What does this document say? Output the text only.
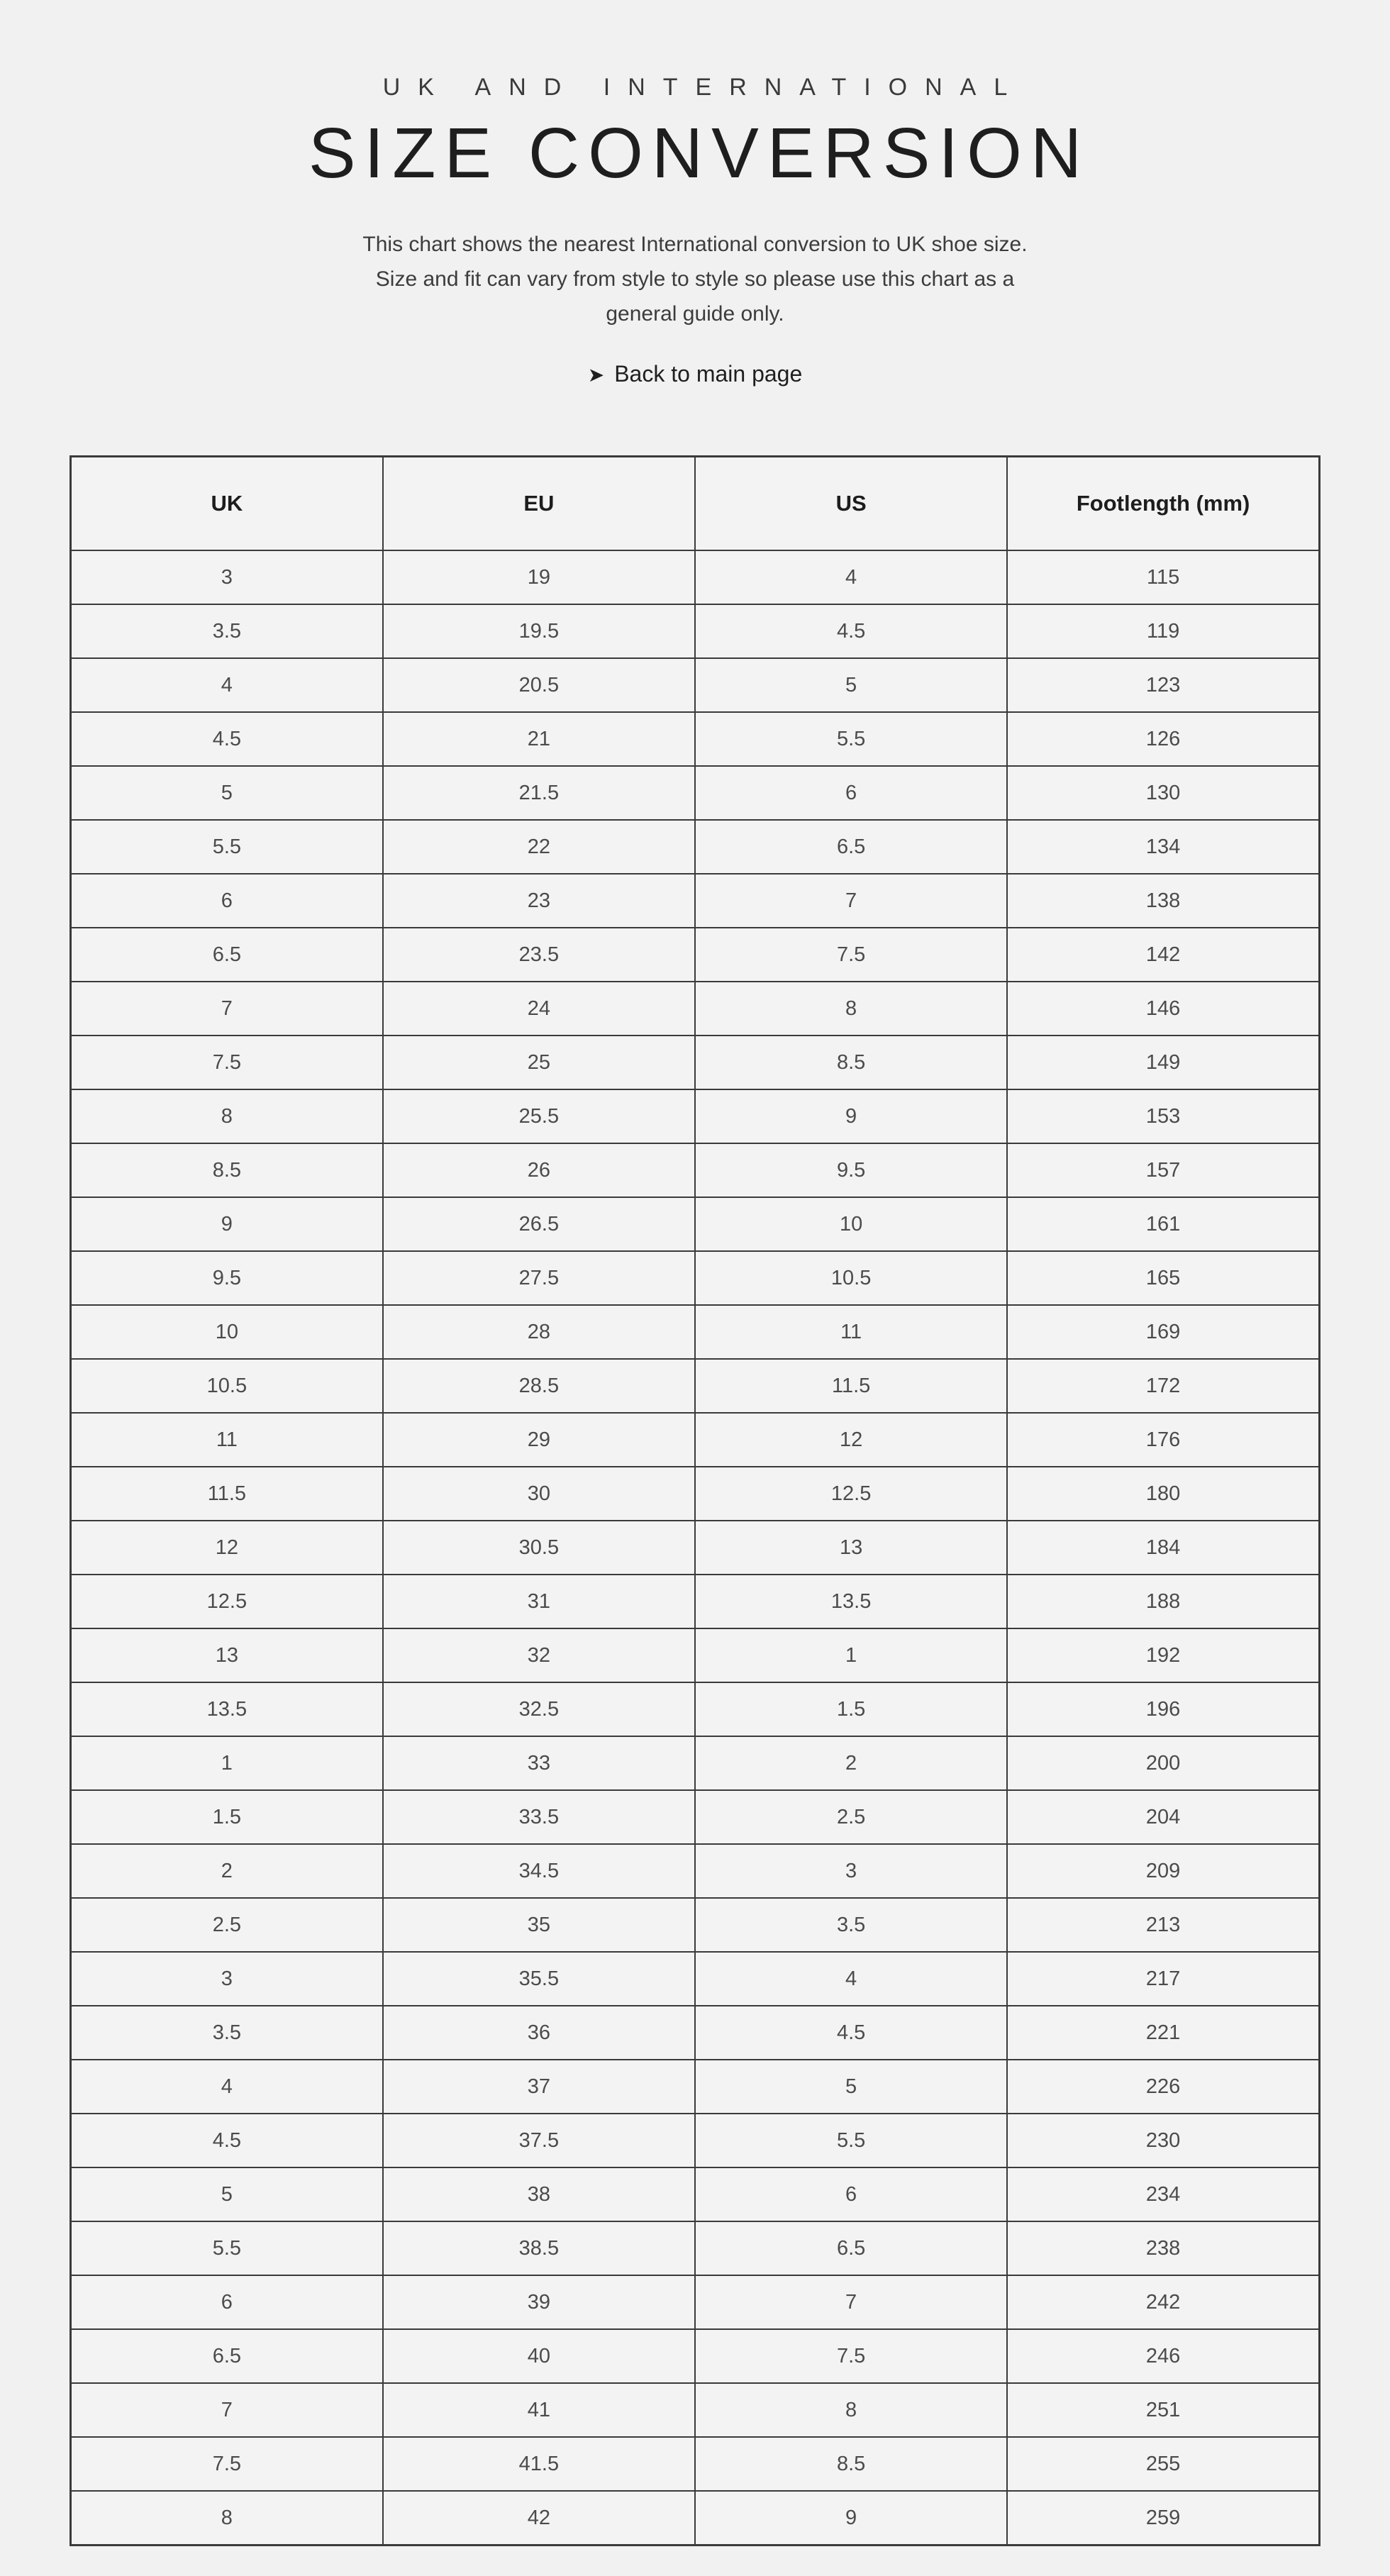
UK AND INTERNATIONAL
SIZE CONVERSION
This chart shows the nearest International conversion to UK shoe size.
Size and fit can vary from style to style so please use this chart as a
general guide only.
➤ Back to main page
UK	EU	US	Footlength (mm)
3	19	4	115
3.5	19.5	4.5	119
4	20.5	5	123
4.5	21	5.5	126
5	21.5	6	130
5.5	22	6.5	134
6	23	7	138
6.5	23.5	7.5	142
7	24	8	146
7.5	25	8.5	149
8	25.5	9	153
8.5	26	9.5	157
9	26.5	10	161
9.5	27.5	10.5	165
10	28	11	169
10.5	28.5	11.5	172
11	29	12	176
11.5	30	12.5	180
12	30.5	13	184
12.5	31	13.5	188
13	32	1	192
13.5	32.5	1.5	196
1	33	2	200
1.5	33.5	2.5	204
2	34.5	3	209
2.5	35	3.5	213
3	35.5	4	217
3.5	36	4.5	221
4	37	5	226
4.5	37.5	5.5	230
5	38	6	234
5.5	38.5	6.5	238
6	39	7	242
6.5	40	7.5	246
7	41	8	251
7.5	41.5	8.5	255
8	42	9	259
